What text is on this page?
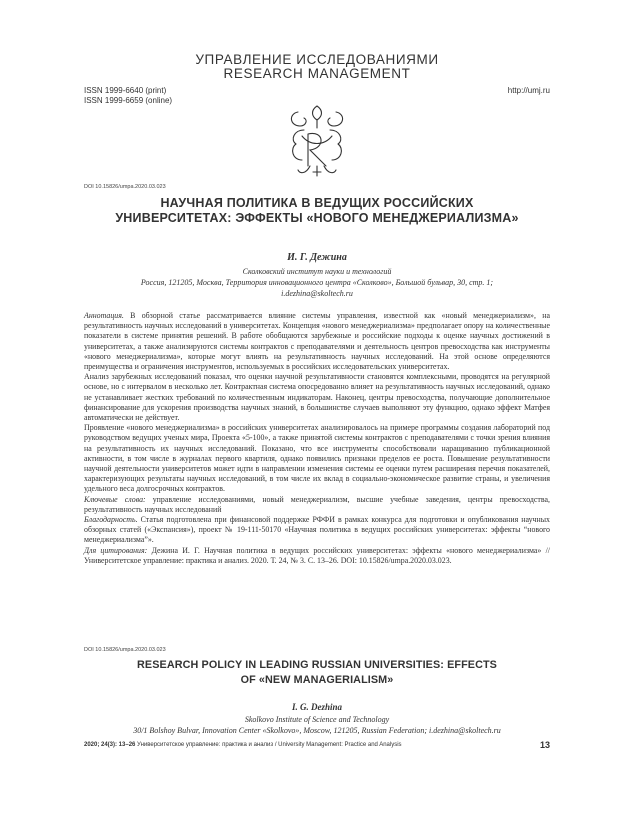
УПРАВЛЕНИЕ ИССЛЕДОВАНИЯМИ
RESEARCH MANAGEMENT
ISSN 1999-6640 (print)
ISSN 1999-6659 (online)
http://umj.ru
DOI 10.15826/umpa.2020.03.023
НАУЧНАЯ ПОЛИТИКА В ВЕДУЩИХ РОССИЙСКИХ
УНИВЕРСИТЕТАХ: ЭФФЕКТЫ «НОВОГО МЕНЕДЖЕРИАЛИЗМА»
И. Г. Дежина
Сколковский институт науки и технологий
Россия, 121205, Москва, Территория инновационного центра «Сколково», Большой бульвар, 30, стр. 1;
i.dezhina@skoltech.ru

Аннотация. В обзорной статье рассматривается влияние системы управления, известной как «новый менеджериализм», на результативность научных исследований в университетах. Концепция «нового менеджериализма» предполагает опору на количественные показатели в системе принятия решений. В работе обобщаются зарубежные и российские подходы к оценке научных достижений в университетах, а также анализируются системы контрактов с преподавателями и деятельность центров превосходства как инструменты «нового менеджериализма», которые могут влиять на результативность научных исследований. На этой основе определяются преимущества и ограничения инструментов, используемых в российских исследовательских университетах.

Анализ зарубежных исследований показал, что оценки научной результативности становятся комплексными, проводятся на регулярной основе, но с интервалом в несколько лет. Контрактная система опосредованно влияет на результативность научных исследований, однако не устанавливает жестких требований по количественным индикаторам. Наконец, центры превосходства, получающие дополнительное финансирование для ускорения производства научных знаний, в большинстве случаев выполняют эту функцию, однако эффект Матфея автоматически не действует.

Проявление «нового менеджериализма» в российских университетах анализировалось на примере программы создания лабораторий под руководством ведущих ученых мира, Проекта «5-100», а также принятой системы контрактов с преподавателями с точки зрения влияния на результативность их научных исследований. Показано, что все инструменты способствовали наращиванию публикационной активности, в том числе в журналах первого квартиля, однако появились признаки пределов ее роста. Повышение результативности научной деятельности университетов может идти в направлении изменения системы ее оценки путем расширения перечня показателей, характеризующих результаты научных исследований, в том числе их вклад в социально-экономическое развитие страны, и увеличения удельного веса долгосрочных контрактов.

Ключевые слова: управление исследованиями, новый менеджериализм, высшие учебные заведения, центры превосходства, результативность научных исследований

Благодарность. Статья подготовлена при финансовой поддержке РФФИ в рамках конкурса для подготовки и опубликования научных обзорных статей («Экспансия»), проект № 19-111-50170 «Научная политика в ведущих российских университетах: эффекты “нового менеджериализма”».

Для цитирования: Дежина И. Г. Научная политика в ведущих российских университетах: эффекты «нового менеджериализма» // Университетское управление: практика и анализ. 2020. Т. 24, № 3. С. 13–26. DOI: 10.15826/umpa.2020.03.023.

DOI 10.15826/umpa.2020.03.023
RESEARCH POLICY IN LEADING RUSSIAN UNIVERSITIES: EFFECTS
OF «NEW MANAGERIALISM»
I. G. Dezhina
Skolkovo Institute of Science and Technology
30/1 Bolshoy Bulvar, Innovation Center «Skolkovo», Moscow, 121205, Russian Federation; i.dezhina@skoltech.ru
2020; 24(3): 13–26 Университетское управление: практика и анализ / University Management: Practice and Analysis	13
